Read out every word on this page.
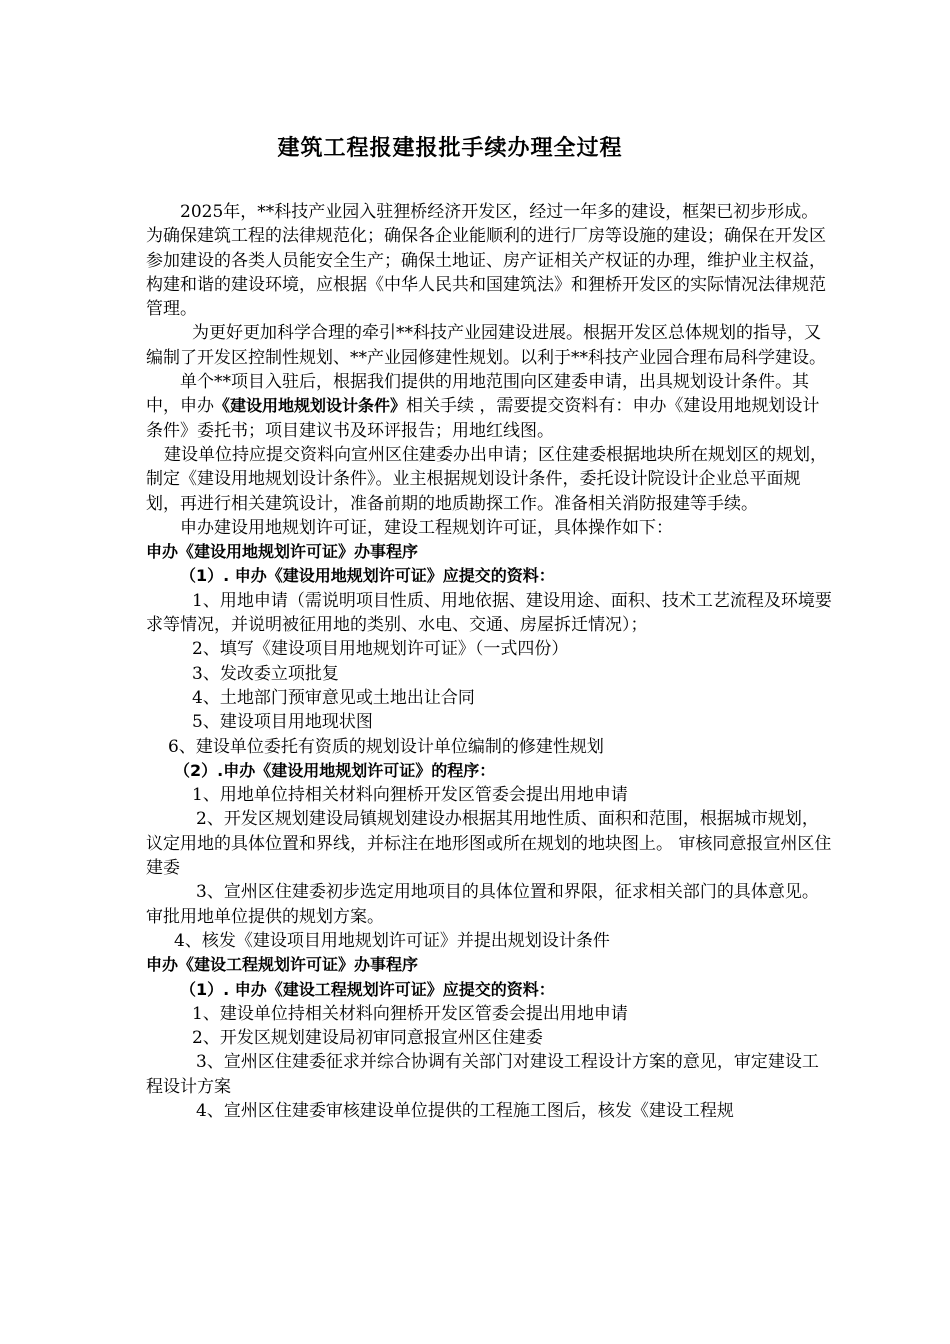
建筑工程报建报批手续办理全过程

2025年，**科技产业园入驻狸桥经济开发区，经过一年多的建设，框架已初步形成。为确保建筑工程的法律规范化；确保各企业能顺利的进行厂房等设施的建设；确保在开发区参加建设的各类人员能安全生产；确保土地证、房产证相关产权证的办理，维护业主权益，构建和谐的建设环境，应根据《中华人民共和国建筑法》和狸桥开发区的实际情况法律规范管理。

为更好更加科学合理的牵引**科技产业园建设进展。根据开发区总体规划的指导，又编制了开发区控制性规划、**产业园修建性规划。以利于**科技产业园合理布局科学建设。

单个**项目入驻后，根据我们提供的用地范围向区建委申请，出具规划设计条件。其中，申办《建设用地规划设计条件》相关手续 ，需要提交资料有：申办《建设用地规划设计条件》委托书；项目建议书及环评报告；用地红线图。

建设单位持应提交资料向宣州区住建委办出申请；区住建委根据地块所在规划区的规划，制定《建设用地规划设计条件》。业主根据规划设计条件，委托设计院设计企业总平面规划，再进行相关建筑设计，准备前期的地质勘探工作。准备相关消防报建等手续。

申办建设用地规划许可证，建设工程规划许可证，具体操作如下：

申办《建设用地规划许可证》办事程序

（1）. 申办《建设用地规划许可证》应提交的资料：

1、用地申请（需说明项目性质、用地依据、建设用途、面积、技术工艺流程及环境要求等情况，并说明被征用地的类别、水电、交通、房屋拆迁情况）；

2、填写《建设项目用地规划许可证》（一式四份）

3、发改委立项批复

4、土地部门预审意见或土地出让合同

5、建设项目用地现状图

6、建设单位委托有资质的规划设计单位编制的修建性规划

（2）.申办《建设用地规划许可证》的程序：

1、用地单位持相关材料向狸桥开发区管委会提出用地申请

2、开发区规划建设局镇规划建设办根据其用地性质、面积和范围，根据城市规划，议定用地的具体位置和界线，并标注在地形图或所在规划的地块图上。 审核同意报宣州区住建委

3、宣州区住建委初步选定用地项目的具体位置和界限，征求相关部门的具体意见。审批用地单位提供的规划方案。

4、核发《建设项目用地规划许可证》并提出规划设计条件

申办《建设工程规划许可证》办事程序

（1）. 申办《建设工程规划许可证》应提交的资料：

1、建设单位持相关材料向狸桥开发区管委会提出用地申请

2、开发区规划建设局初审同意报宣州区住建委

3、宣州区住建委征求并综合协调有关部门对建设工程设计方案的意见，审定建设工程设计方案

4、宣州区住建委审核建设单位提供的工程施工图后，核发《建设工程规
